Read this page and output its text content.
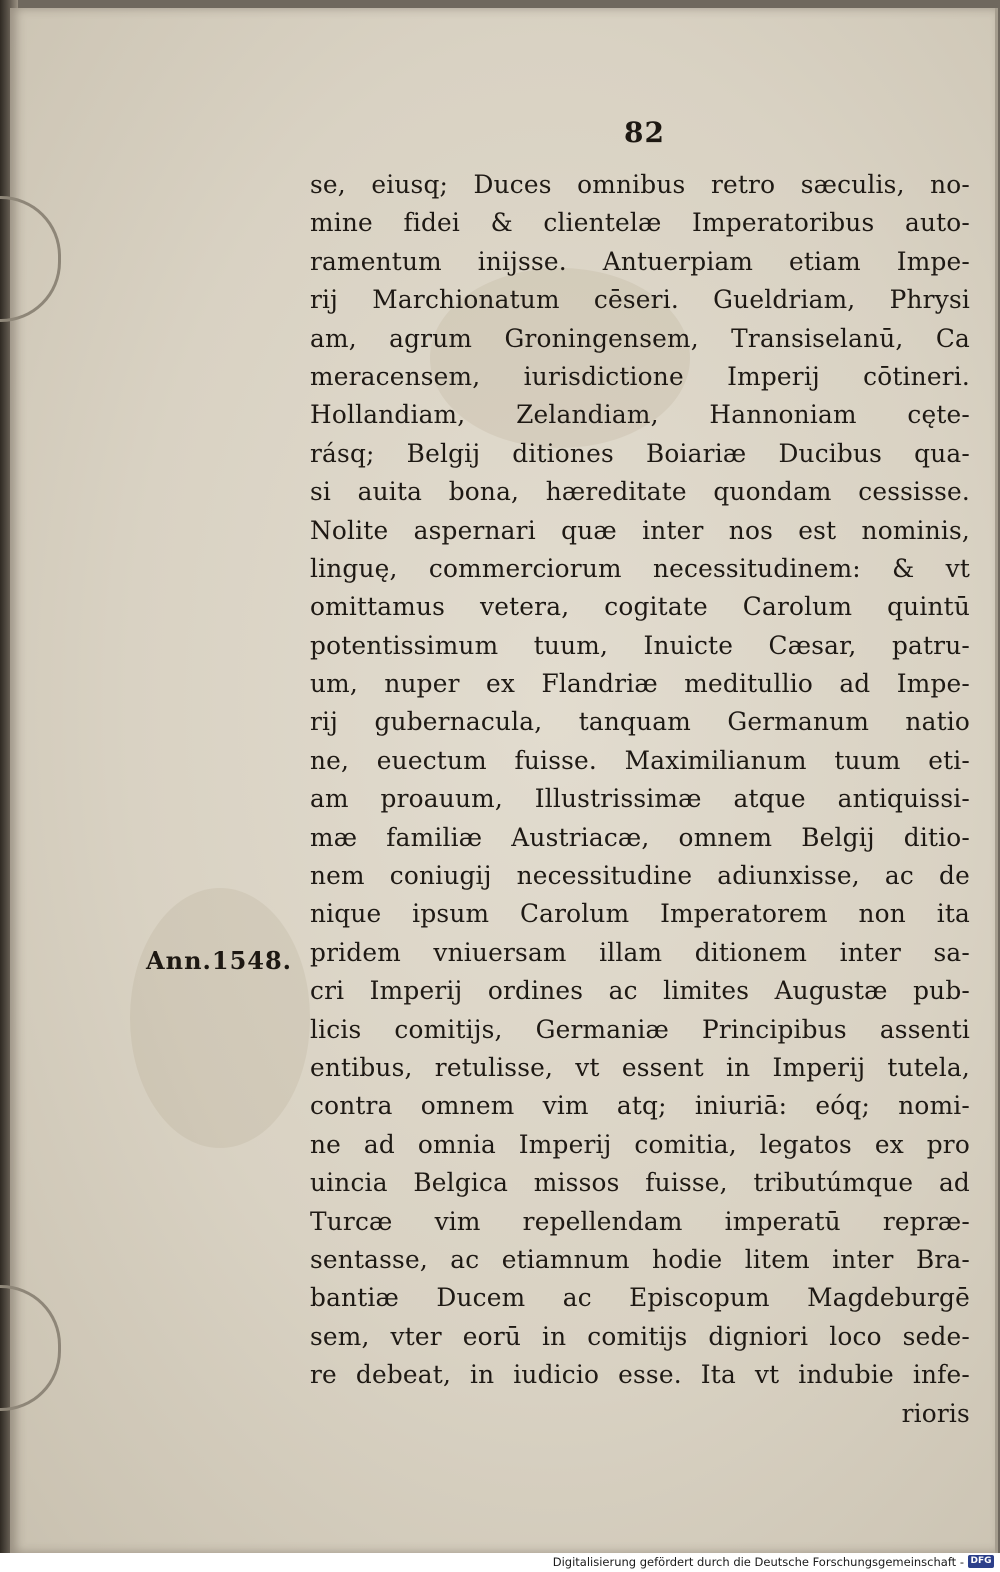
82
Ann.1548.
se, eiusq; Duces omnibus retro sæculis, no-
mine fidei & clientelæ Imperatoribus auto-
ramentum inijsse. Antuerpiam etiam Impe-
rij Marchionatum cēseri. Gueldriam, Phrysi
am, agrum Groningensem, Transiselanū, Ca
meracensem, iurisdictione Imperij cōtineri.
Hollandiam, Zelandiam, Hannoniam cęte-
rásq; Belgij ditiones Boiariæ Ducibus qua-
si auita bona, hæreditate quondam cessisse.
Nolite aspernari quæ inter nos est nominis,
linguę, commerciorum necessitudinem: & vt
omittamus vetera, cogitate Carolum quintū
potentissimum tuum, Inuicte Cæsar, patru-
um, nuper ex Flandriæ meditullio ad Impe-
rij gubernacula, tanquam Germanum natio
ne, euectum fuisse. Maximilianum tuum eti-
am proauum, Illustrissimæ atque antiquissi-
mæ familiæ Austriacæ, omnem Belgij ditio-
nem coniugij necessitudine adiunxisse, ac de
nique ipsum Carolum Imperatorem non ita
pridem vniuersam illam ditionem inter sa-
cri Imperij ordines ac limites Augustæ pub-
licis comitijs, Germaniæ Principibus assenti
entibus, retulisse, vt essent in Imperij tutela,
contra omnem vim atq; iniuriā: eóq; nomi-
ne ad omnia Imperij comitia, legatos ex pro
uincia Belgica missos fuisse, tributúmque ad
Turcæ vim repellendam imperatū repræ-
sentasse, ac etiamnum hodie litem inter Bra-
bantiæ Ducem ac Episcopum Magdeburgē
sem, vter eorū in comitijs digniori loco sede-
re debeat, in iudicio esse. Ita vt indubie infe-
rioris
Digitalisierung gefördert durch die Deutsche Forschungsgemeinschaft - DFG
